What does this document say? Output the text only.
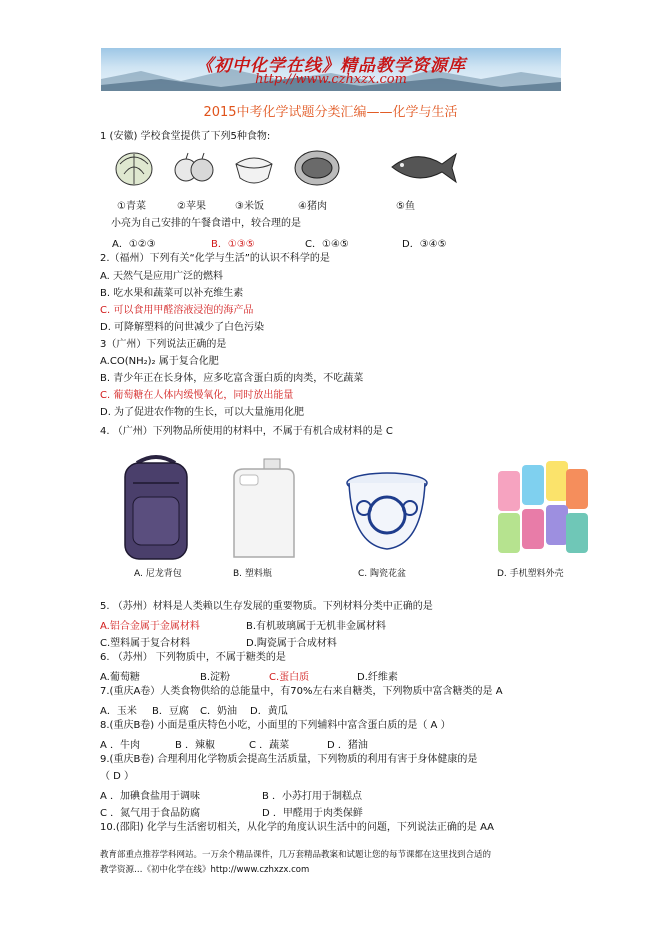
《初中化学在线》精品教学资源库
http://www.czhxzx.com
2015中考化学试题分类汇编——化学与生活
1 (安徽) 学校食堂提供了下列5种食物:
①青菜	②苹果	③米饭	④猪肉	⑤鱼
小亮为自己安排的午餐食谱中，较合理的是
A．①②③	B．①③⑤	C．①④⑤	D．③④⑤
2.（福州）下列有关“化学与生活”的认识不科学的是
A. 天然气是应用广泛的燃料
B. 吃水果和蔬菜可以补充维生素
C. 可以食用甲醛溶液浸泡的海产品
D. 可降解塑料的问世减少了白色污染
3（广州）下列说法正确的是
A.CO(NH₂)₂ 属于复合化肥
B. 青少年正在长身体，应多吃富含蛋白质的肉类，不吃蔬菜
C. 葡萄糖在人体内缓慢氧化，同时放出能量
D. 为了促进农作物的生长，可以大量施用化肥
4. （广州）下列物品所使用的材料中，不属于有机合成材料的是 C
A. 尼龙背包	B. 塑料瓶	C. 陶瓷花盆	D. 手机塑料外壳
5. （苏州）材料是人类赖以生存发展的重要物质。下列材料分类中正确的是
A.铝合金属于金属材料	B.有机玻璃属于无机非金属材料
C.塑料属于复合材料	D.陶瓷属于合成材料
6. （苏州） 下列物质中，不属于糖类的是
A.葡萄糖	B.淀粉	C.蛋白质	D.纤维素
7.(重庆A卷）人类食物供给的总能量中，有70%左右来自糖类，下列物质中富含糖类的是 A
A．玉米 B．豆腐 C．奶油 D．黄瓜
8.(重庆B卷) 小面是重庆特色小吃，小面里的下列辅料中富含蛋白质的是（ A ）
A ．牛肉	B ．辣椒	C ．蔬菜	D ．猪油
9.(重庆B卷) 合理利用化学物质会提高生活质量，下列物质的利用有害于身体健康的是
（ D ）
A ．加碘食盐用于调味	B ．小苏打用于制糕点
C ．氮气用于食品防腐	D ．甲醛用于肉类保鲜
10.(邵阳) 化学与生活密切相关，从化学的角度认识生活中的问题，下列说法正确的是 AA
教育部重点推荐学科网站。一万余个精品课件，几万套精品教案和试题让您的每节课都在这里找到合适的
教学资源…《初中化学在线》http://www.czhxzx.com
